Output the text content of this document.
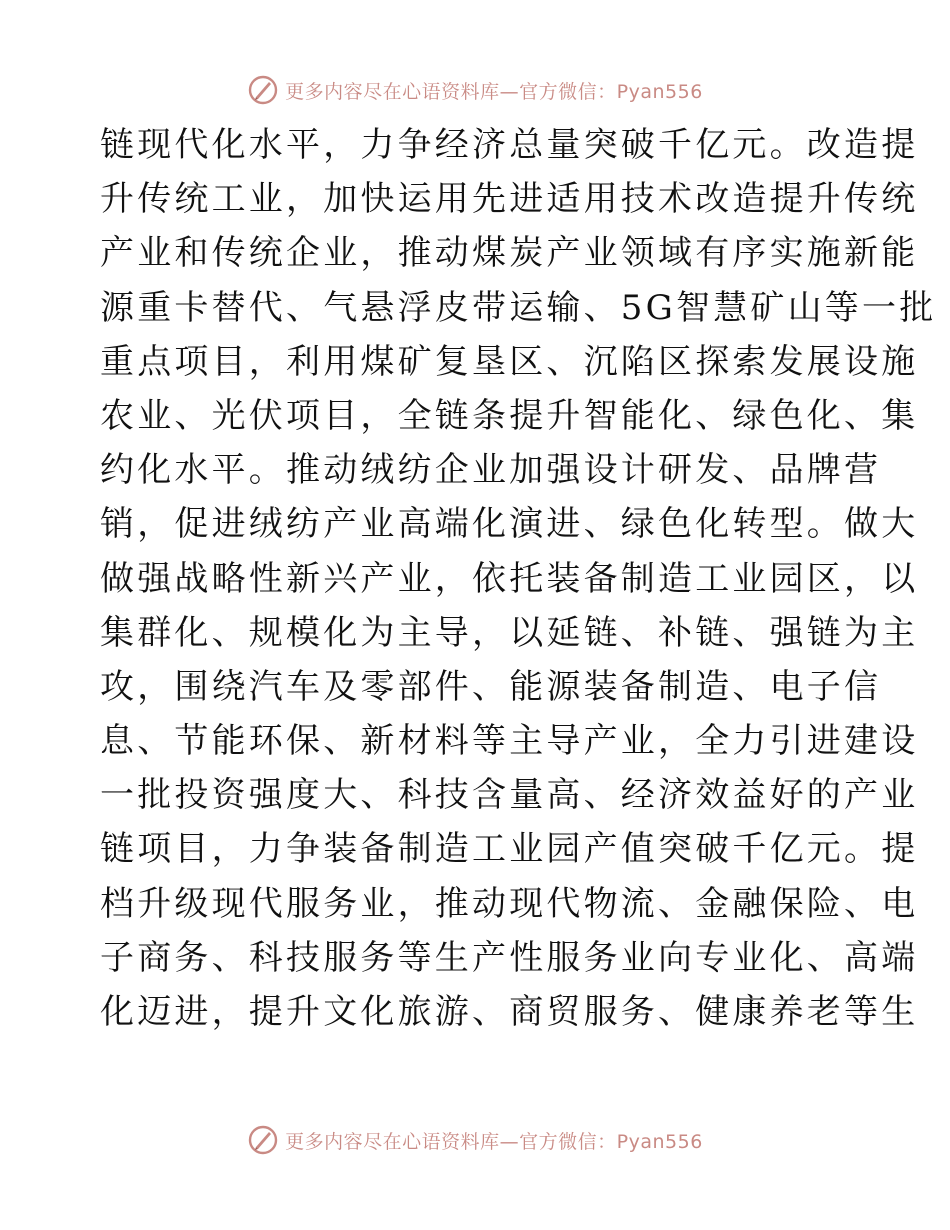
更多内容尽在心语资料库—官方微信：Pyan556
链现代化水平，力争经济总量突破千亿元。改造提
升传统工业，加快运用先进适用技术改造提升传统
产业和传统企业，推动煤炭产业领域有序实施新能
源重卡替代、气悬浮皮带运输、5G智慧矿山等一批
重点项目，利用煤矿复垦区、沉陷区探索发展设施
农业、光伏项目，全链条提升智能化、绿色化、集
约化水平。推动绒纺企业加强设计研发、品牌营
销，促进绒纺产业高端化演进、绿色化转型。做大
做强战略性新兴产业，依托装备制造工业园区，以
集群化、规模化为主导，以延链、补链、强链为主
攻，围绕汽车及零部件、能源装备制造、电子信
息、节能环保、新材料等主导产业，全力引进建设
一批投资强度大、科技含量高、经济效益好的产业
链项目，力争装备制造工业园产值突破千亿元。提
档升级现代服务业，推动现代物流、金融保险、电
子商务、科技服务等生产性服务业向专业化、高端
化迈进，提升文化旅游、商贸服务、健康养老等生
更多内容尽在心语资料库—官方微信：Pyan556
